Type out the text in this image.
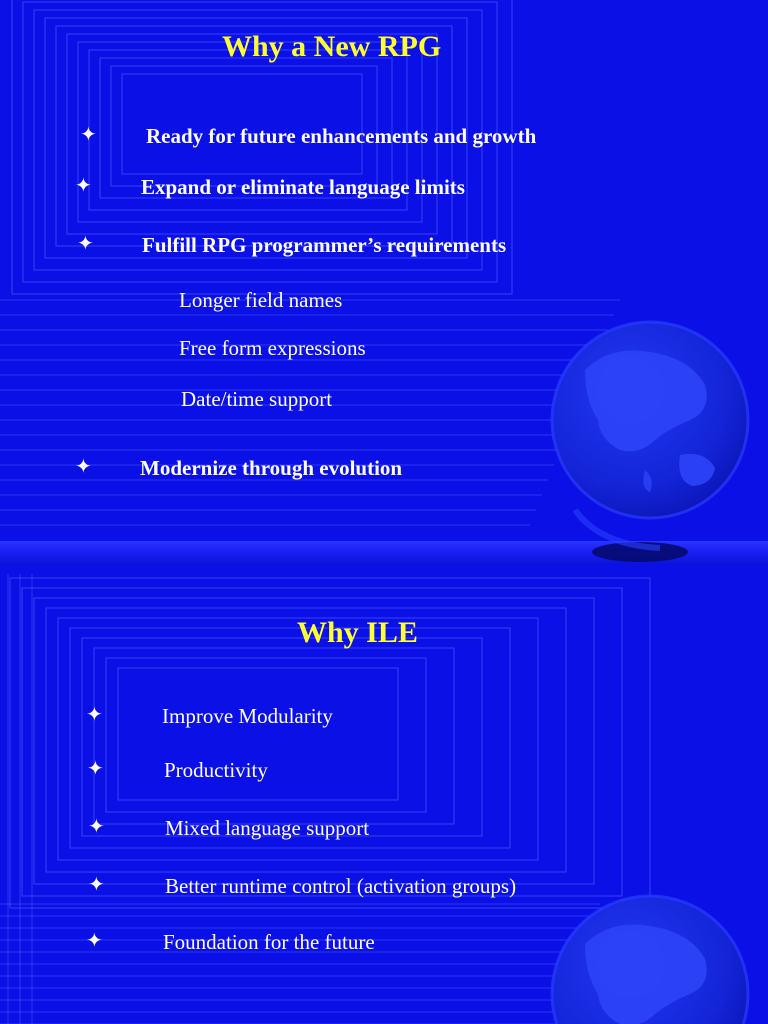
Why a New RPG
✦ Ready for future enhancements and growth
✦ Expand or eliminate language limits
✦ Fulfill RPG programmer’s requirements
Longer field names
Free form expressions
Date/time support
✦ Modernize through evolution
Why ILE
✦	Improve Modularity
✦	Productivity
✦	Mixed language support
✦	Better runtime control (activation groups)
✦	Foundation for the future
